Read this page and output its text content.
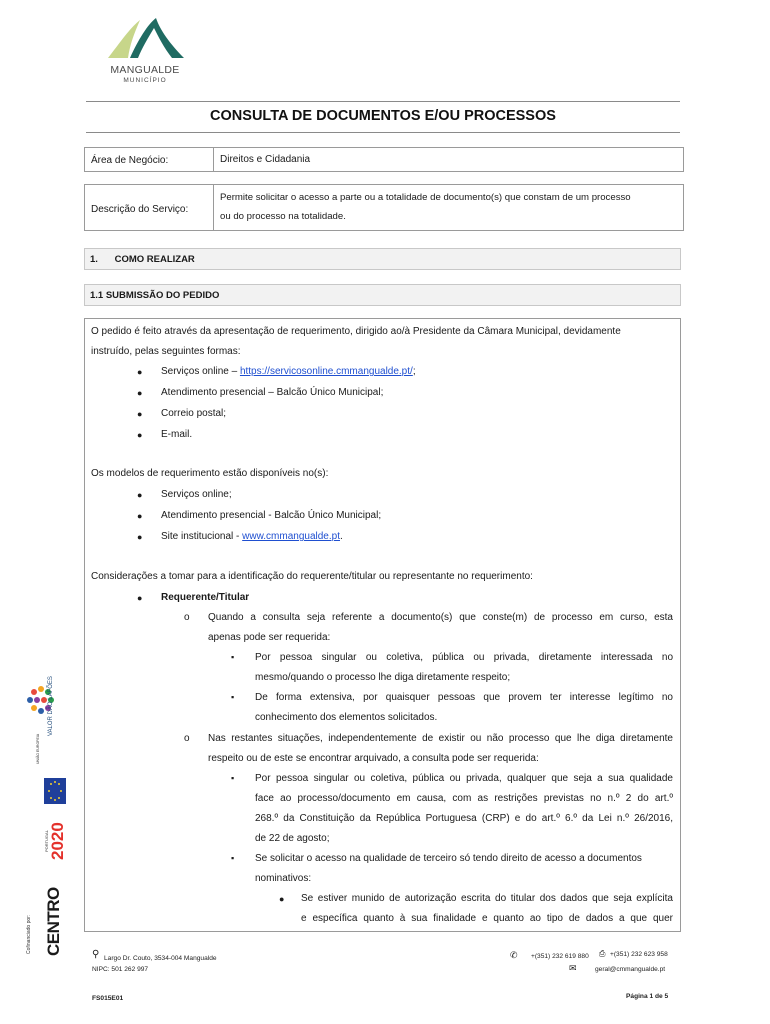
MANGUALDE
MUNICÍPIO
CONSULTA DE DOCUMENTOS E/OU PROCESSOS
Área de Negócio:	Direitos e Cidadania
Descrição do Serviço:
Permite solicitar o acesso a parte ou a totalidade de documento(s) que constam de um processo
ou do processo na totalidade.
1. COMO REALIZAR
1.1 SUBMISSÃO DO PEDIDO
O pedido é feito através da apresentação de requerimento, dirigido ao/à Presidente da Câmara Municipal, devidamente
instruído, pelas seguintes formas:
● Serviços online – https://servicosonline.cmmangualde.pt/;
● Atendimento presencial – Balcão Único Municipal;
● Correio postal;
● E-mail.
Os modelos de requerimento estão disponíveis no(s):
● Serviços online;
● Atendimento presencial - Balcão Único Municipal;
● Site institucional - www.cmmangualde.pt.
Considerações a tomar para a identificação do requerente/titular ou representante no requerimento:
● Requerente/Titular
o Quando a consulta seja referente a documento(s) que conste(m) de processo em curso, esta
apenas pode ser requerida:
▪ Por pessoa singular ou coletiva, pública ou privada, diretamente interessada no
mesmo/quando o processo lhe diga diretamente respeito;
▪ De forma extensiva, por quaisquer pessoas que provem ter interesse legítimo no
conhecimento dos elementos solicitados.
o Nas restantes situações, independentemente de existir ou não processo que lhe diga diretamente
respeito ou de este se encontrar arquivado, a consulta pode ser requerida:
▪ Por pessoa singular ou coletiva, pública ou privada, qualquer que seja a sua qualidade
face ao processo/documento em causa, com as restrições previstas no n.º 2 do art.º
268.º da Constituição da República Portuguesa (CRP) e do art.º 6.º da Lei n.º 26/2016,
de 22 de agosto;
▪ Se solicitar o acesso na qualidade de terceiro só tendo direito de acesso a documentos
nominativos:
● Se estiver munido de autorização escrita do titular dos dados que seja explícita
e específica quanto à sua finalidade e quanto ao tipo de dados a que quer
VALOR DÃO LAFÕES
UNIÃO EUROPEIA
PORTUGAL 2020
CENTRO
Cofinanciado por:
⚲ Largo Dr. Couto, 3534-004 Mangualde
NIPC: 501 262 997
✆ +(351) 232 619 880 ⎙ +(351) 232 623 958
✉	geral@cmmangualde.pt
FS015E01	Página 1 de 5
